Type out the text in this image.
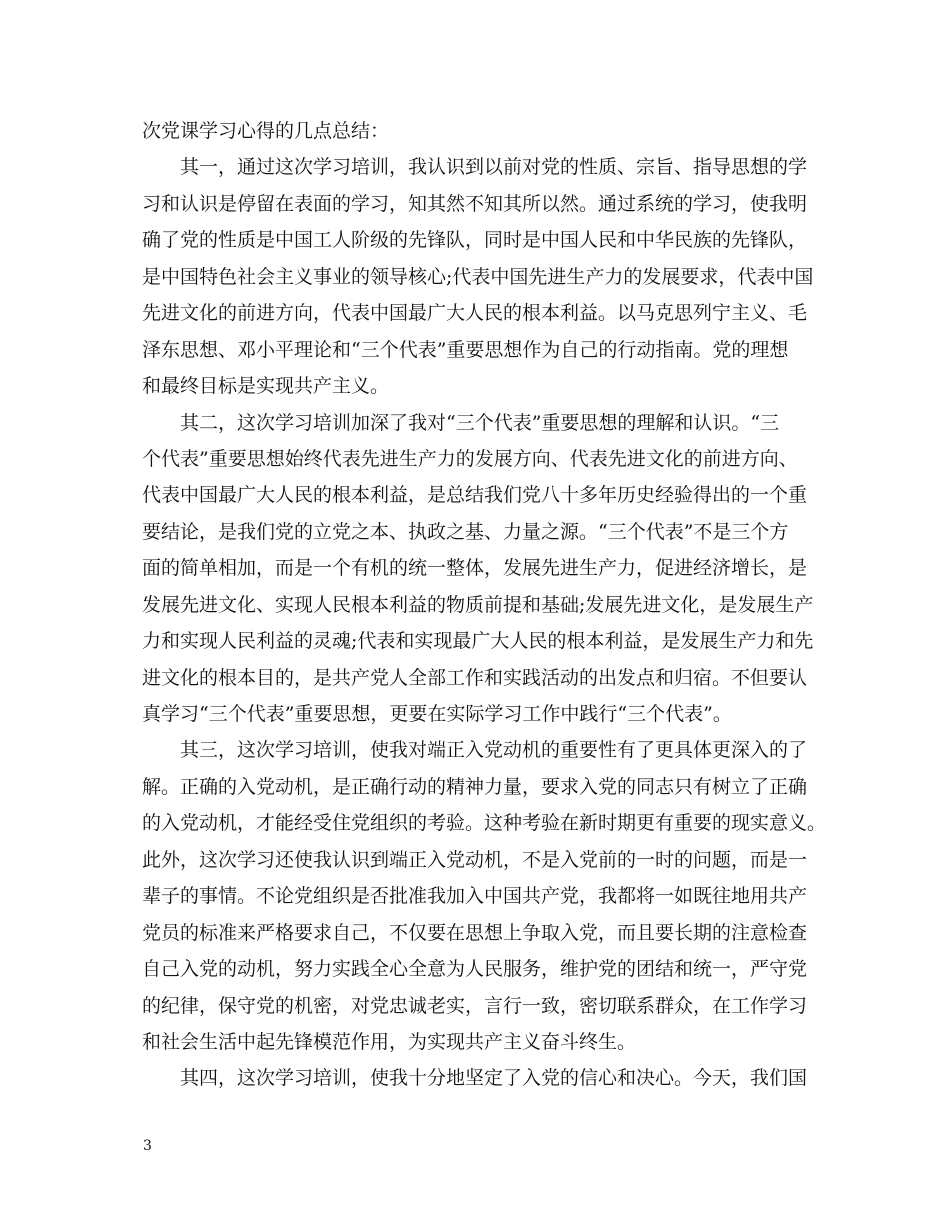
次党课学习心得的几点总结：
其一，通过这次学习培训，我认识到以前对党的性质、宗旨、指导思想的学
习和认识是停留在表面的学习，知其然不知其所以然。通过系统的学习，使我明
确了党的性质是中国工人阶级的先锋队，同时是中国人民和中华民族的先锋队，
是中国特色社会主义事业的领导核心;代表中国先进生产力的发展要求，代表中国
先进文化的前进方向，代表中国最广大人民的根本利益。以马克思列宁主义、毛
泽东思想、邓小平理论和“三个代表”重要思想作为自己的行动指南。党的理想
和最终目标是实现共产主义。
其二，这次学习培训加深了我对“三个代表”重要思想的理解和认识。“三
个代表”重要思想始终代表先进生产力的发展方向、代表先进文化的前进方向、
代表中国最广大人民的根本利益，是总结我们党八十多年历史经验得出的一个重
要结论，是我们党的立党之本、执政之基、力量之源。“三个代表”不是三个方
面的简单相加，而是一个有机的统一整体，发展先进生产力，促进经济增长，是
发展先进文化、实现人民根本利益的物质前提和基础;发展先进文化，是发展生产
力和实现人民利益的灵魂;代表和实现最广大人民的根本利益，是发展生产力和先
进文化的根本目的，是共产党人全部工作和实践活动的出发点和归宿。不但要认
真学习“三个代表”重要思想，更要在实际学习工作中践行“三个代表”。
其三，这次学习培训，使我对端正入党动机的重要性有了更具体更深入的了
解。正确的入党动机，是正确行动的精神力量，要求入党的同志只有树立了正确
的入党动机，才能经受住党组织的考验。这种考验在新时期更有重要的现实意义。
此外，这次学习还使我认识到端正入党动机，不是入党前的一时的问题，而是一
辈子的事情。不论党组织是否批准我加入中国共产党，我都将一如既往地用共产
党员的标准来严格要求自己，不仅要在思想上争取入党，而且要长期的注意检查
自己入党的动机，努力实践全心全意为人民服务，维护党的团结和统一，严守党
的纪律，保守党的机密，对党忠诚老实，言行一致，密切联系群众，在工作学习
和社会生活中起先锋模范作用，为实现共产主义奋斗终生。
其四，这次学习培训，使我十分地坚定了入党的信心和决心。今天，我们国
3
